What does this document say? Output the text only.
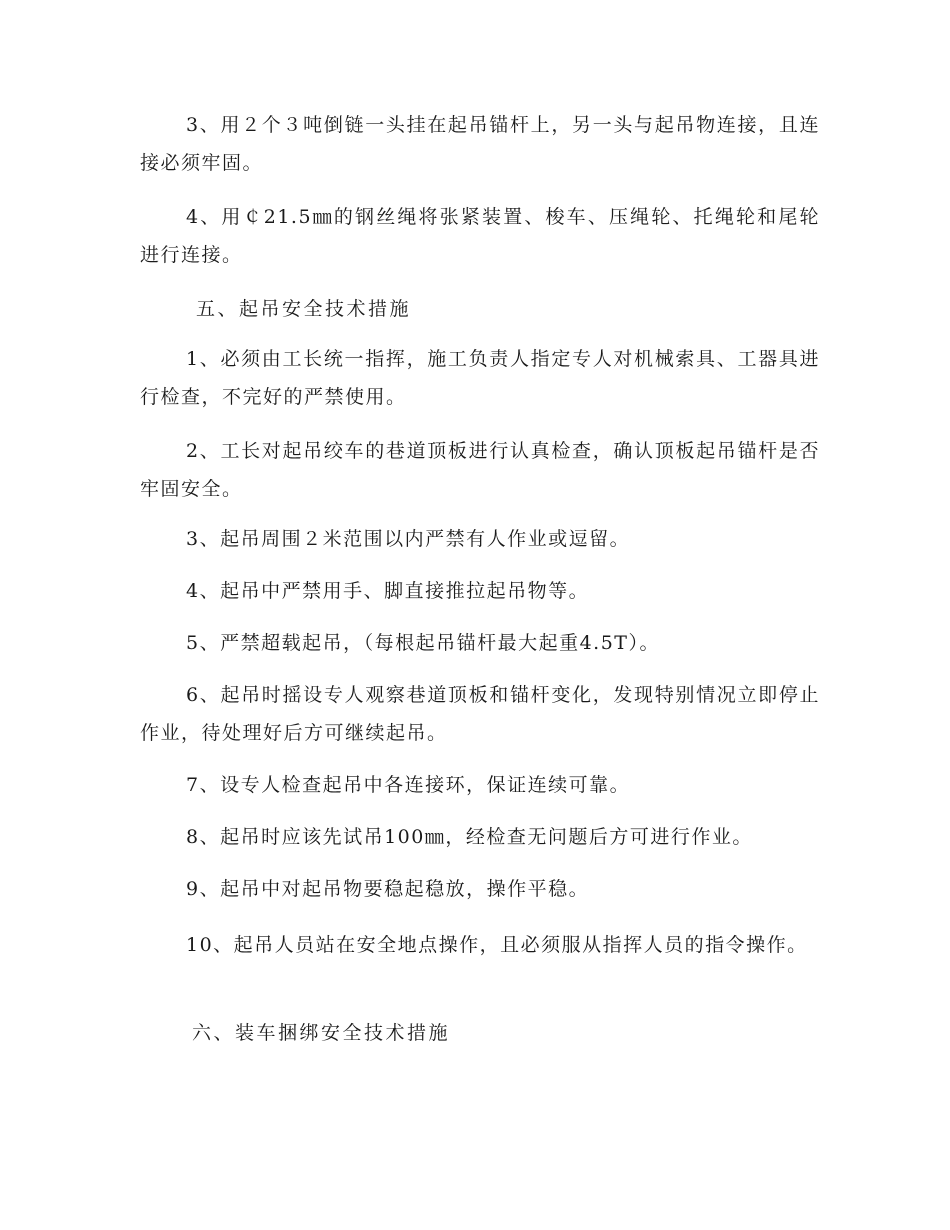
3、用２个３吨倒链一头挂在起吊锚杆上，另一头与起吊物连接，且连接必须牢固。

4、用￠21.5㎜的钢丝绳将张紧装置、梭车、压绳轮、托绳轮和尾轮进行连接。

五、起吊安全技术措施

1、必须由工长统一指挥，施工负责人指定专人对机械索具、工器具进行检查，不完好的严禁使用。

2、工长对起吊绞车的巷道顶板进行认真检查，确认顶板起吊锚杆是否牢固安全。

3、起吊周围２米范围以内严禁有人作业或逗留。

4、起吊中严禁用手、脚直接推拉起吊物等。

5、严禁超载起吊，（每根起吊锚杆最大起重4.5T）。

6、起吊时摇设专人观察巷道顶板和锚杆变化，发现特别情况立即停止作业，待处理好后方可继续起吊。

7、设专人检查起吊中各连接环，保证连续可靠。

8、起吊时应该先试吊100㎜，经检查无问题后方可进行作业。

9、起吊中对起吊物要稳起稳放，操作平稳。

10、起吊人员站在安全地点操作，且必须服从指挥人员的指令操作。

六、装车捆绑安全技术措施
